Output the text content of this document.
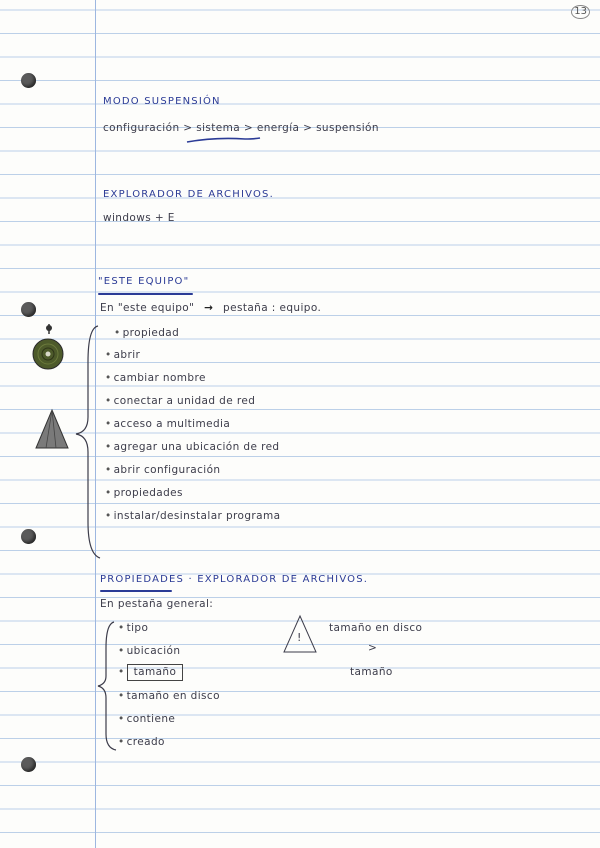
13
MODO SUSPENSIÓN
configuración > sistema > energía > suspensión
EXPLORADOR DE ARCHIVOS.
windows + E
"ESTE EQUIPO"
En "este equipo" → pestaña : equipo.
• propiedad
• abrir
• cambiar nombre
• conectar a unidad de red
• acceso a multimedia
• agregar una ubicación de red
• abrir configuración
• propiedades
• instalar/desinstalar programa
PROPIEDADES · EXPLORADOR DE ARCHIVOS.
En pestaña general:
• tipo
• ubicación
• tamaño
• tamaño en disco
• contiene
• creado
!
tamaño en disco
>
tamaño
